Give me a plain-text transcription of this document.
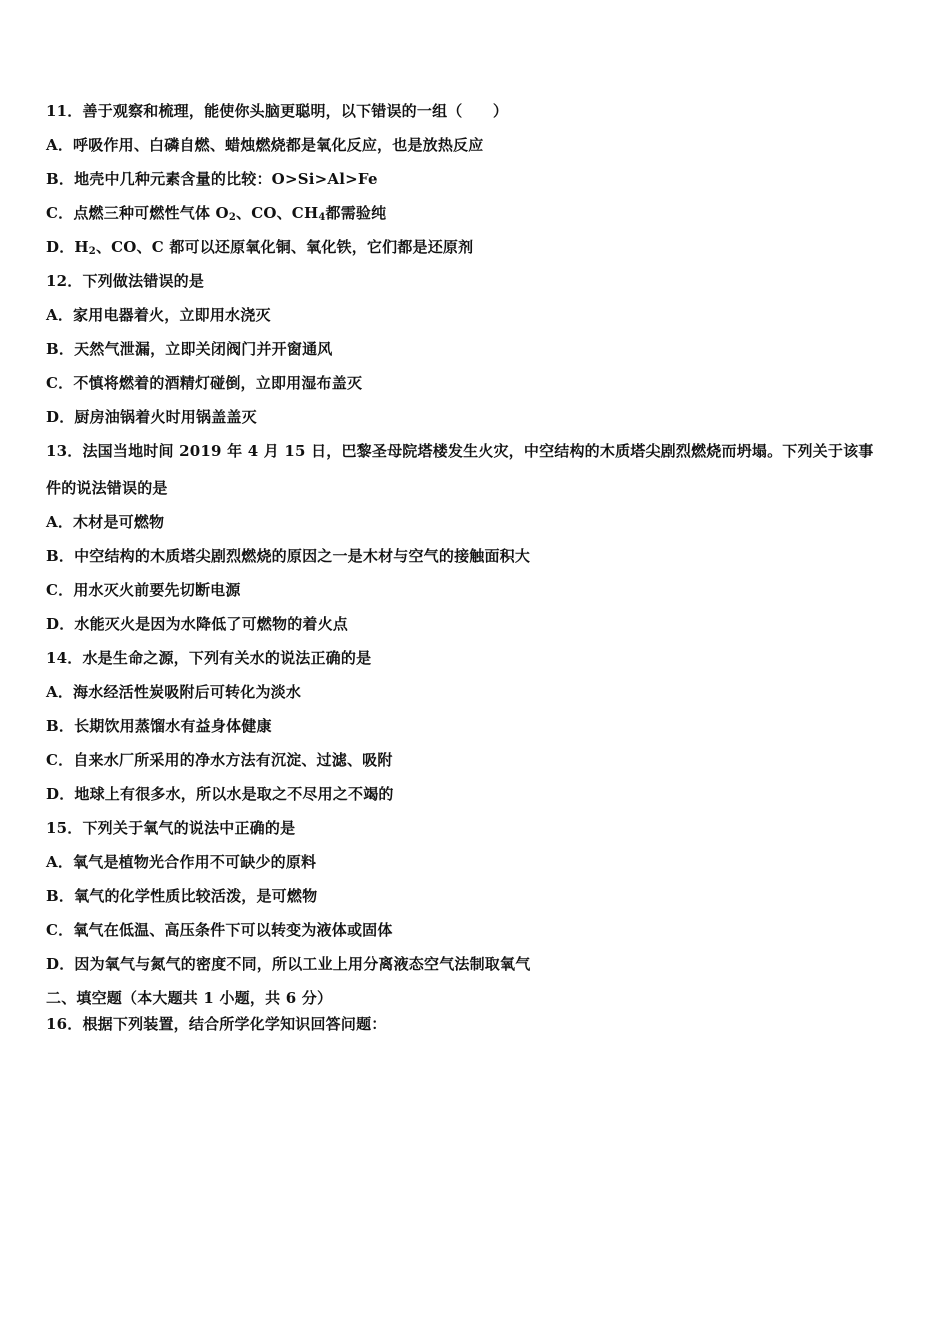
11．善于观察和梳理，能使你头脑更聪明，以下错误的一组（　　）
A．呼吸作用、白磷自燃、蜡烛燃烧都是氧化反应，也是放热反应
B．地壳中几种元素含量的比较：O>Si>Al>Fe
C．点燃三种可燃性气体 $O_2$、CO、$CH_4$都需验纯
D．$H_2$、CO、C 都可以还原氧化铜、氧化铁，它们都是还原剂
12．下列做法错误的是
A．家用电器着火，立即用水浇灭
B．天然气泄漏，立即关闭阀门并开窗通风
C．不慎将燃着的酒精灯碰倒，立即用湿布盖灭
D．厨房油锅着火时用锅盖盖灭
13．法国当地时间 2019 年 4 月 15 日，巴黎圣母院塔楼发生火灾，中空结构的木质塔尖剧烈燃烧而坍塌。下列关于该事
件的说法错误的是
A．木材是可燃物
B．中空结构的木质塔尖剧烈燃烧的原因之一是木材与空气的接触面积大
C．用水灭火前要先切断电源
D．水能灭火是因为水降低了可燃物的着火点
14．水是生命之源，下列有关水的说法正确的是
A．海水经活性炭吸附后可转化为淡水
B．长期饮用蒸馏水有益身体健康
C．自来水厂所采用的净水方法有沉淀、过滤、吸附
D．地球上有很多水，所以水是取之不尽用之不竭的
15．下列关于氧气的说法中正确的是
A．氧气是植物光合作用不可缺少的原料
B．氧气的化学性质比较活泼，是可燃物
C．氧气在低温、高压条件下可以转变为液体或固体
D．因为氧气与氮气的密度不同，所以工业上用分离液态空气法制取氧气
二、填空题（本大题共 1 小题，共 6 分）
16．根据下列装置，结合所学化学知识回答问题：
